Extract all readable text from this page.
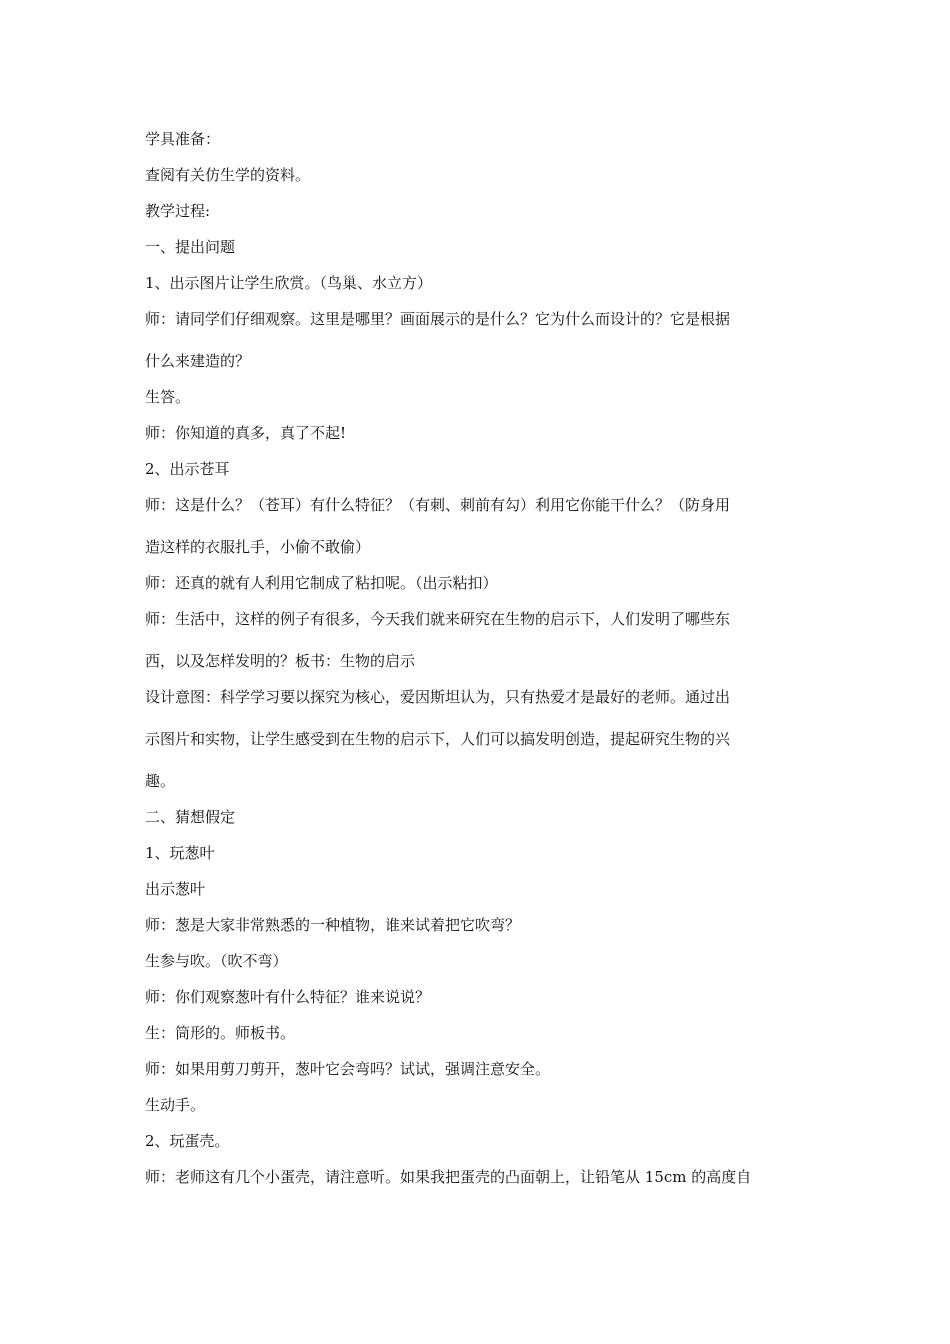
学具准备：
查阅有关仿生学的资料。
教学过程:
一、提出问题
1、出示图片让学生欣赏。（鸟巢、水立方）
师：请同学们仔细观察。这里是哪里？画面展示的是什么？它为什么而设计的？它是根据
什么来建造的？
生答。
师：你知道的真多，真了不起!
2、出示苍耳
师：这是什么？（苍耳）有什么特征？（有刺、刺前有勾）利用它你能干什么？（防身用
造这样的衣服扎手，小偷不敢偷）
师：还真的就有人利用它制成了粘扣呢。（出示粘扣）
师：生活中，这样的例子有很多，今天我们就来研究在生物的启示下，人们发明了哪些东
西，以及怎样发明的？板书：生物的启示
设计意图：科学学习要以探究为核心，爱因斯坦认为，只有热爱才是最好的老师。通过出
示图片和实物，让学生感受到在生物的启示下，人们可以搞发明创造，提起研究生物的兴
趣。
二、猜想假定
1、玩葱叶
出示葱叶
师：葱是大家非常熟悉的一种植物，谁来试着把它吹弯？
生参与吹。（吹不弯）
师：你们观察葱叶有什么特征？谁来说说？
生：筒形的。师板书。
师：如果用剪刀剪开，葱叶它会弯吗？试试，强调注意安全。
生动手。
2、玩蛋壳。
师：老师这有几个小蛋壳，请注意听。如果我把蛋壳的凸面朝上，让铅笔从 15cm 的高度自
